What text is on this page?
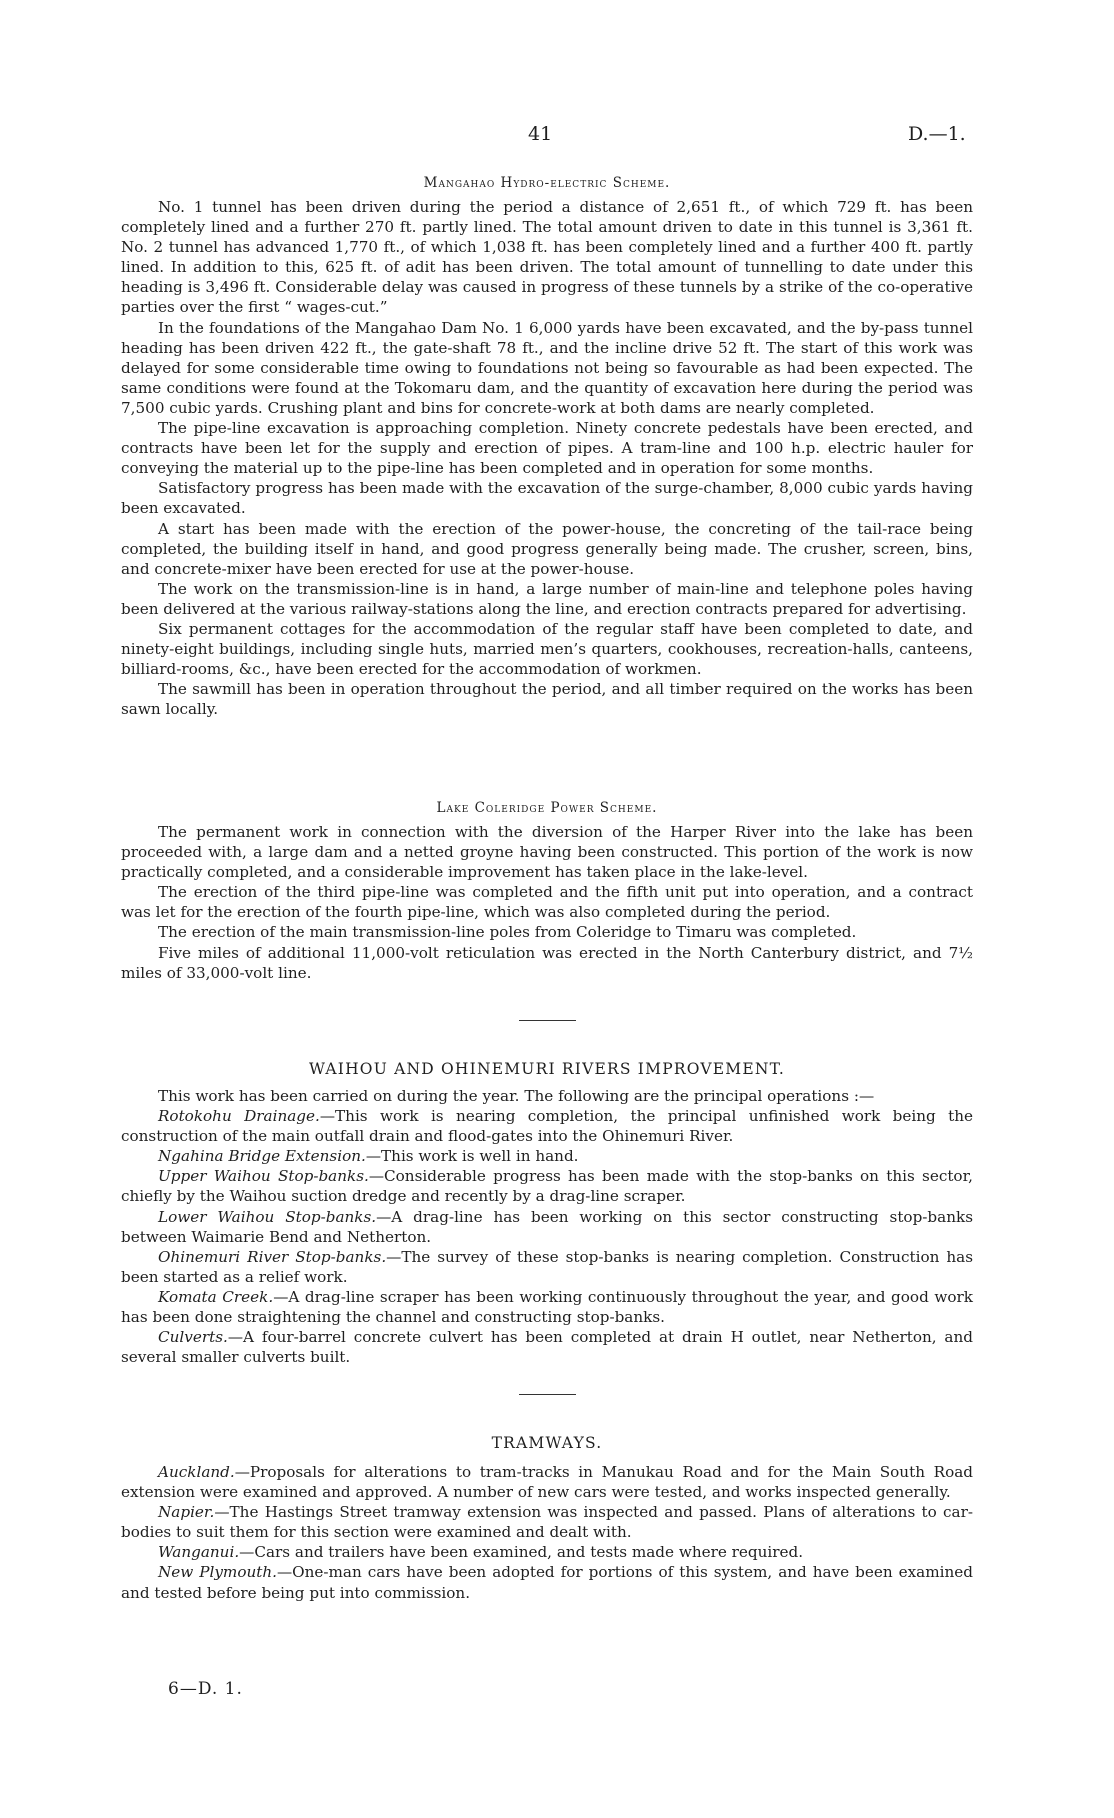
41	D.—1.
Mangahao Hydro-electric Scheme.

No. 1 tunnel has been driven during the period a distance of 2,651 ft., of which 729 ft. has been completely lined and a further 270 ft. partly lined. The total amount driven to date in this tunnel is 3,361 ft. No. 2 tunnel has advanced 1,770 ft., of which 1,038 ft. has been completely lined and a further 400 ft. partly lined. In addition to this, 625 ft. of adit has been driven. The total amount of tunnelling to date under this heading is 3,496 ft. Considerable delay was caused in progress of these tunnels by a strike of the co-operative parties over the first “ wages-cut.”

In the foundations of the Mangahao Dam No. 1 6,000 yards have been excavated, and the by-pass tunnel heading has been driven 422 ft., the gate-shaft 78 ft., and the incline drive 52 ft. The start of this work was delayed for some considerable time owing to foundations not being so favourable as had been expected. The same conditions were found at the Tokomaru dam, and the quantity of excavation here during the period was 7,500 cubic yards. Crushing plant and bins for concrete-work at both dams are nearly completed.

The pipe-line excavation is approaching completion. Ninety concrete pedestals have been erected, and contracts have been let for the supply and erection of pipes. A tram-line and 100 h.p. electric hauler for conveying the material up to the pipe-line has been completed and in operation for some months.

Satisfactory progress has been made with the excavation of the surge-chamber, 8,000 cubic yards having been excavated.

A start has been made with the erection of the power-house, the concreting of the tail-race being completed, the building itself in hand, and good progress generally being made. The crusher, screen, bins, and concrete-mixer have been erected for use at the power-house.

The work on the transmission-line is in hand, a large number of main-line and telephone poles having been delivered at the various railway-stations along the line, and erection contracts prepared for advertising.

Six permanent cottages for the accommodation of the regular staff have been completed to date, and ninety-eight buildings, including single huts, married men’s quarters, cookhouses, recreation-halls, canteens, billiard-rooms, &c., have been erected for the accommodation of workmen.

The sawmill has been in operation throughout the period, and all timber required on the works has been sawn locally.

Lake Coleridge Power Scheme.

The permanent work in connection with the diversion of the Harper River into the lake has been proceeded with, a large dam and a netted groyne having been constructed. This portion of the work is now practically completed, and a considerable improvement has taken place in the lake-level.

The erection of the third pipe-line was completed and the fifth unit put into operation, and a contract was let for the erection of the fourth pipe-line, which was also completed during the period.

The erection of the main transmission-line poles from Coleridge to Timaru was completed.

Five miles of additional 11,000-volt reticulation was erected in the North Canterbury district, and 7½ miles of 33,000-volt line.

WAIHOU AND OHINEMURI RIVERS IMPROVEMENT.

This work has been carried on during the year. The following are the principal operations :—

Rotokohu Drainage.—This work is nearing completion, the principal unfinished work being the construction of the main outfall drain and flood-gates into the Ohinemuri River.

Ngahina Bridge Extension.—This work is well in hand.

Upper Waihou Stop-banks.—Considerable progress has been made with the stop-banks on this sector, chiefly by the Waihou suction dredge and recently by a drag-line scraper.

Lower Waihou Stop-banks.—A drag-line has been working on this sector constructing stop-banks between Waimarie Bend and Netherton.

Ohinemuri River Stop-banks.—The survey of these stop-banks is nearing completion. Construction has been started as a relief work.

Komata Creek.—A drag-line scraper has been working continuously throughout the year, and good work has been done straightening the channel and constructing stop-banks.

Culverts.—A four-barrel concrete culvert has been completed at drain H outlet, near Netherton, and several smaller culverts built.

TRAMWAYS.

Auckland.—Proposals for alterations to tram-tracks in Manukau Road and for the Main South Road extension were examined and approved. A number of new cars were tested, and works inspected generally.

Napier.—The Hastings Street tramway extension was inspected and passed. Plans of alterations to car-bodies to suit them for this section were examined and dealt with.

Wanganui.—Cars and trailers have been examined, and tests made where required.

New Plymouth.—One-man cars have been adopted for portions of this system, and have been examined and tested before being put into commission.

6—D. 1.
